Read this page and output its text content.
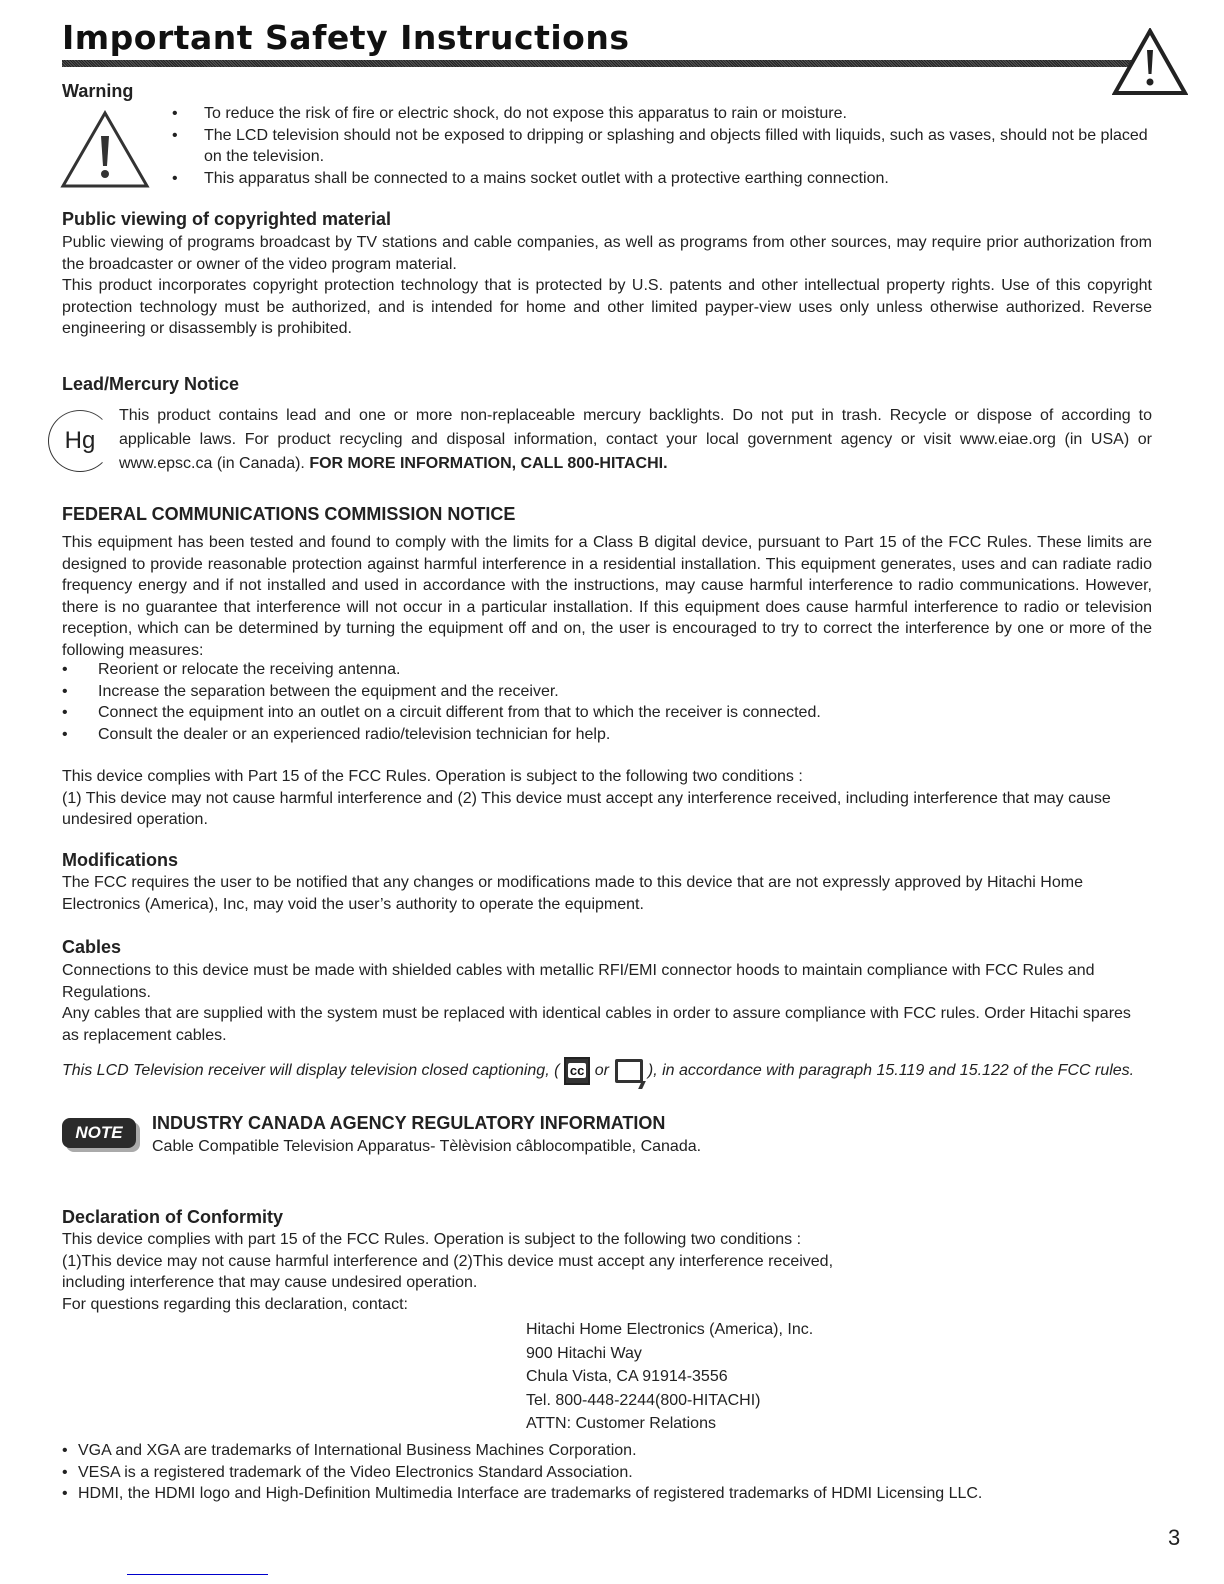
Important Safety Instructions
Warning
• To reduce the risk of fire or electric shock, do not expose this apparatus to rain or moisture.
• The LCD television should not be exposed to dripping or splashing and objects filled with liquids, such as vases, should not be placed on the television.
• This apparatus shall be connected to a mains socket outlet with a protective earthing connection.
Public viewing of copyrighted material
Public viewing of programs broadcast by TV stations and cable companies, as well as programs from other sources, may require prior authorization from the broadcaster or owner of the video program material.
This product incorporates copyright protection technology that is protected by U.S. patents and other intellectual property rights. Use of this copyright protection technology must be authorized, and is intended for home and other limited payper-view uses only unless otherwise authorized. Reverse engineering or disassembly is prohibited.
Lead/Mercury Notice
Hg
This product contains lead and one or more non-replaceable mercury backlights. Do not put in trash. Recycle or dispose of according to applicable laws. For product recycling and disposal information, contact your local government agency or visit www.eiae.org (in USA) or www.epsc.ca (in Canada). FOR MORE INFORMATION, CALL 800-HITACHI.
FEDERAL COMMUNICATIONS COMMISSION NOTICE
This equipment has been tested and found to comply with the limits for a Class B digital device, pursuant to Part 15 of the FCC Rules. These limits are designed to provide reasonable protection against harmful interference in a residential installation. This equipment generates, uses and can radiate radio frequency energy and if not installed and used in accordance with the instructions, may cause harmful interference to radio communications. However, there is no guarantee that interference will not occur in a particular installation. If this equipment does cause harmful interference to radio or television reception, which can be determined by turning the equipment off and on, the user is encouraged to try to correct the interference by one or more of the following measures:
• Reorient or relocate the receiving antenna.
• Increase the separation between the equipment and the receiver.
• Connect the equipment into an outlet on a circuit different from that to which the receiver is connected.
• Consult the dealer or an experienced radio/television technician for help.
This device complies with Part 15 of the FCC Rules. Operation is subject to the following two conditions :
(1) This device may not cause harmful interference and (2) This device must accept any interference received, including interference that may cause undesired operation.
Modifications
The FCC requires the user to be notified that any changes or modifications made to this device that are not expressly approved by Hitachi Home Electronics (America), Inc, may void the user’s authority to operate the equipment.
Cables
Connections to this device must be made with shielded cables with metallic RFI/EMI connector hoods to maintain compliance with FCC Rules and Regulations.
Any cables that are supplied with the system must be replaced with identical cables in order to assure compliance with FCC rules. Order Hitachi spares as replacement cables.
This LCD Television receiver will display television closed captioning, ( cc or  ), in accordance with paragraph 15.119 and 15.122 of the FCC rules.
NOTE	INDUSTRY CANADA AGENCY REGULATORY INFORMATION
Cable Compatible Television Apparatus- Tèlèvision câblocompatible, Canada.
Declaration of Conformity
This device complies with part 15 of the FCC Rules. Operation is subject to the following two conditions :
(1)This device may not cause harmful interference and (2)This device must accept any interference received,
including interference that may cause undesired operation.
For questions regarding this declaration, contact:
Hitachi Home Electronics (America), Inc.
900 Hitachi Way
Chula Vista, CA 91914-3556
Tel. 800-448-2244(800-HITACHI)
ATTN: Customer Relations
• VGA and XGA are trademarks of International Business Machines Corporation.
• VESA is a registered trademark of the Video Electronics Standard Association.
• HDMI, the HDMI logo and High-Definition Multimedia Interface are trademarks of registered trademarks of HDMI Licensing LLC.
3
